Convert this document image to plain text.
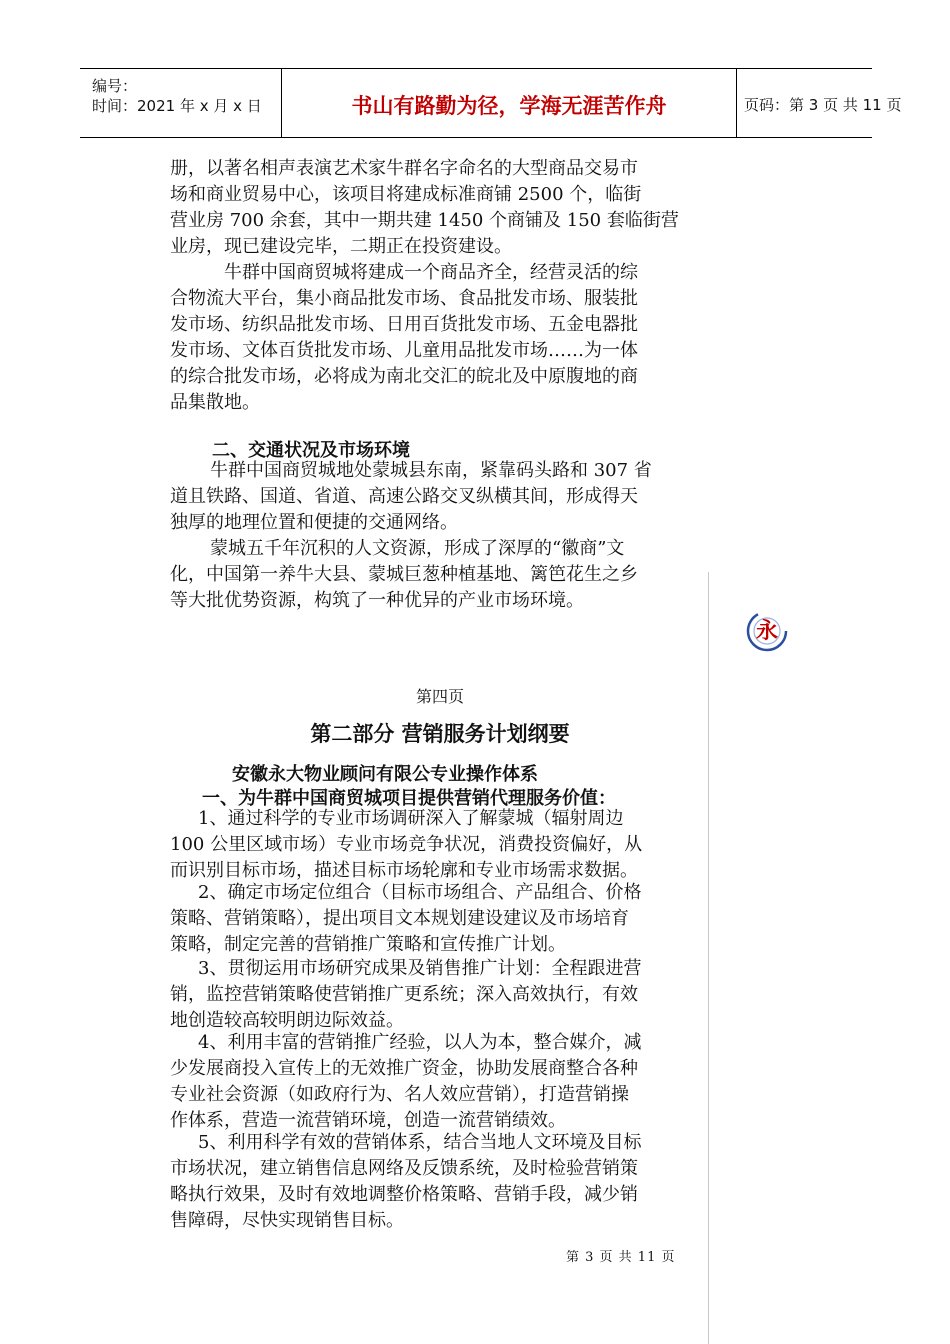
编号：
时间：2021 年 x 月 x 日	书山有路勤为径，学海无涯苦作舟	页码：第 3 页 共 11 页
永
册，以著名相声表演艺术家牛群名字命名的大型商品交易市
场和商业贸易中心，该项目将建成标准商铺 2500 个，临街
营业房 700 余套，其中一期共建 1450 个商铺及 150 套临街营
业房，现已建设完毕，二期正在投资建设。
　牛群中国商贸城将建成一个商品齐全，经营灵活的综
合物流大平台，集小商品批发市场、食品批发市场、服装批
发市场、纺织品批发市场、日用百货批发市场、五金电器批
发市场、文体百货批发市场、儿童用品批发市场……为一体
的综合批发市场，必将成为南北交汇的皖北及中原腹地的商
品集散地。
二、交通状况及市场环境
牛群中国商贸城地处蒙城县东南，紧靠码头路和 307 省
道且铁路、国道、省道、高速公路交叉纵横其间，形成得天
独厚的地理位置和便捷的交通网络。
蒙城五千年沉积的人文资源，形成了深厚的“徽商”文
化，中国第一养牛大县、蒙城巨葱种植基地、篱笆花生之乡
等大批优势资源，构筑了一种优异的产业市场环境。
第四页
第二部分 营销服务计划纲要
安徽永大物业顾问有限公专业操作体系
一、为牛群中国商贸城项目提供营销代理服务价值：
1、通过科学的专业市场调研深入了解蒙城（辐射周边
100 公里区域市场）专业市场竞争状况，消费投资偏好，从
而识别目标市场，描述目标市场轮廓和专业市场需求数据。
2、确定市场定位组合（目标市场组合、产品组合、价格
策略、营销策略），提出项目文本规划建设建议及市场培育
策略，制定完善的营销推广策略和宣传推广计划。
3、贯彻运用市场研究成果及销售推广计划：全程跟进营
销，监控营销策略使营销推广更系统；深入高效执行，有效
地创造较高较明朗边际效益。
4、利用丰富的营销推广经验，以人为本，整合媒介，减
少发展商投入宣传上的无效推广资金，协助发展商整合各种
专业社会资源（如政府行为、名人效应营销），打造营销操
作体系，营造一流营销环境，创造一流营销绩效。
5、利用科学有效的营销体系，结合当地人文环境及目标
市场状况，建立销售信息网络及反馈系统，及时检验营销策
略执行效果，及时有效地调整价格策略、营销手段，减少销
售障碍，尽快实现销售目标。
第 3 页 共 11 页
